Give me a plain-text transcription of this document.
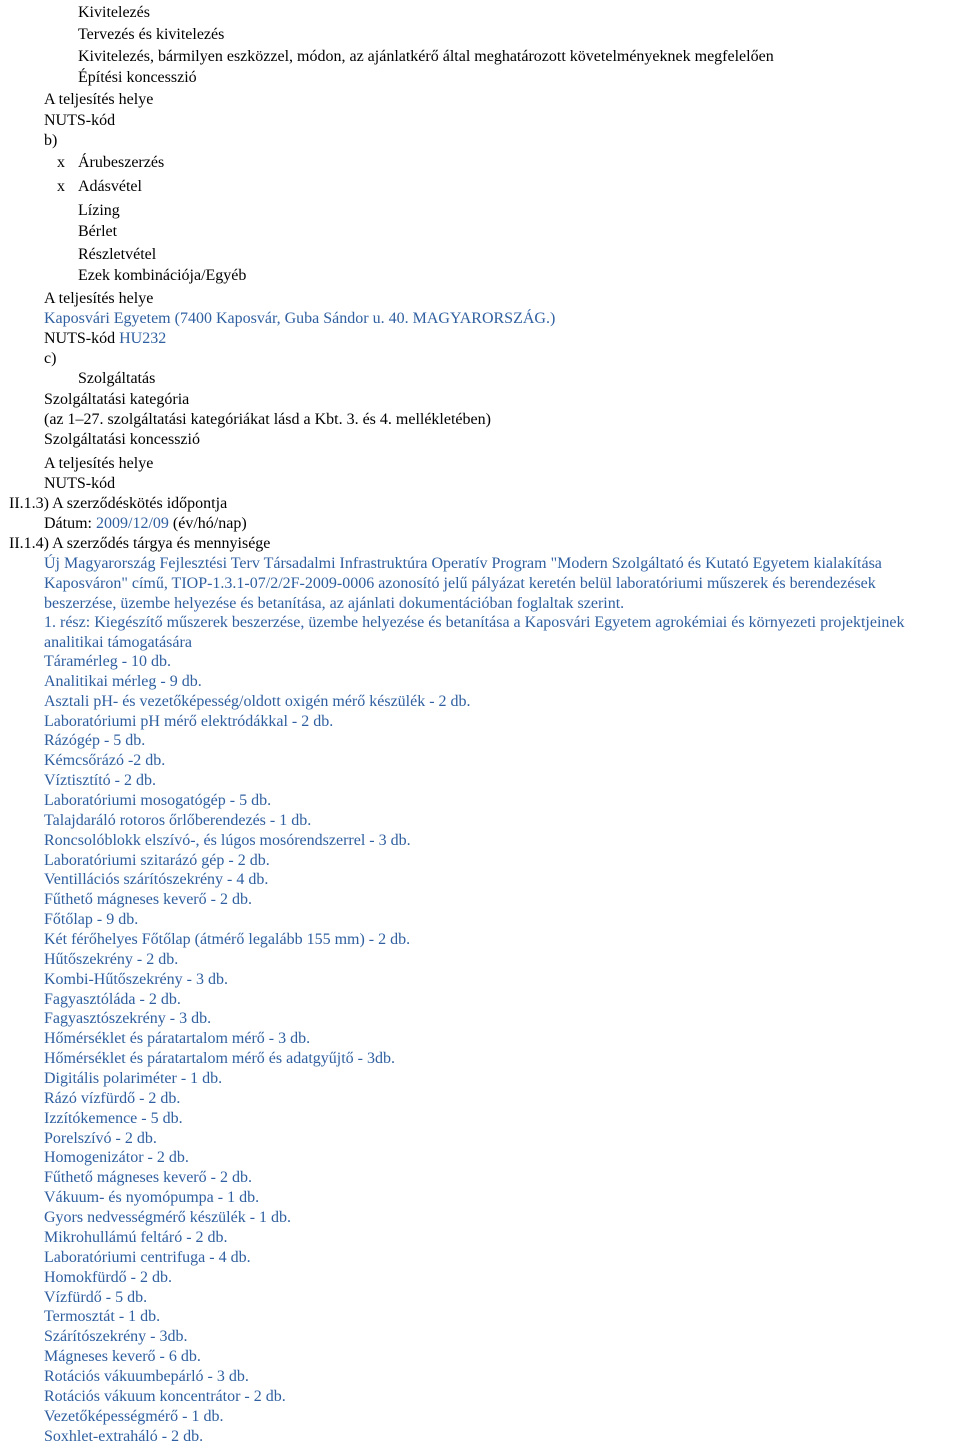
Kivitelezés
Tervezés és kivitelezés
Kivitelezés, bármilyen eszközzel, módon, az ajánlatkérő által meghatározott követelményeknek megfelelően
Építési koncesszió
A teljesítés helye
NUTS-kód
b)
x Árubeszerzés
x Adásvétel
Lízing
Bérlet
Részletvétel
Ezek kombinációja/Egyéb
A teljesítés helye
Kaposvári Egyetem (7400 Kaposvár, Guba Sándor u. 40. MAGYARORSZÁG.)
NUTS-kód HU232
c)
Szolgáltatás
Szolgáltatási kategória
(az 1–27. szolgáltatási kategóriákat lásd a Kbt. 3. és 4. mellékletében)
Szolgáltatási koncesszió
A teljesítés helye
NUTS-kód
II.1.3) A szerződéskötés időpontja
Dátum: 2009/12/09 (év/hó/nap)
II.1.4) A szerződés tárgya és mennyisége
Új Magyarország Fejlesztési Terv Társadalmi Infrastruktúra Operatív Program "Modern Szolgáltató és Kutató Egyetem kialakítása Kaposváron" című, TIOP-1.3.1-07/2/2F-2009-0006 azonosító jelű pályázat keretén belül laboratóriumi műszerek és berendezések beszerzése, üzembe helyezése és betanítása, az ajánlati dokumentációban foglaltak szerint.
1. rész: Kiegészítő műszerek beszerzése, üzembe helyezése és betanítása a Kaposvári Egyetem agrokémiai és környezeti projektjeinek analitikai támogatására
Táramérleg - 10 db.
Analitikai mérleg - 9 db.
Asztali pH- és vezetőképesség/oldott oxigén mérő készülék - 2 db.
Laboratóriumi pH mérő elektródákkal - 2 db.
Rázógép - 5 db.
Kémcsőrázó -2 db.
Víztisztító - 2 db.
Laboratóriumi mosogatógép - 5 db.
Talajdaráló rotoros őrlőberendezés - 1 db.
Roncsolóblokk elszívó-, és lúgos mosórendszerrel - 3 db.
Laboratóriumi szitarázó gép - 2 db.
Ventillációs szárítószekrény - 4 db.
Fűthető mágneses keverő - 2 db.
Főtőlap - 9 db.
Két férőhelyes Főtőlap (átmérő legalább 155 mm) - 2 db.
Hűtőszekrény - 2 db.
Kombi-Hűtőszekrény - 3 db.
Fagyasztóláda - 2 db.
Fagyasztószekrény - 3 db.
Hőmérséklet és páratartalom mérő - 3 db.
Hőmérséklet és páratartalom mérő és adatgyűjtő - 3db.
Digitális polariméter - 1 db.
Rázó vízfürdő - 2 db.
Izzítókemence - 5 db.
Porelszívó - 2 db.
Homogenizátor - 2 db.
Fűthető mágneses keverő - 2 db.
Vákuum- és nyomópumpa - 1 db.
Gyors nedvességmérő készülék - 1 db.
Mikrohullámú feltáró - 2 db.
Laboratóriumi centrifuga - 4 db.
Homokfürdő - 2 db.
Vízfürdő - 5 db.
Termosztát - 1 db.
Szárítószekrény - 3db.
Mágneses keverő - 6 db.
Rotációs vákuumbepárló - 3 db.
Rotációs vákuum koncentrátor - 2 db.
Vezetőképességmérő - 1 db.
Soxhlet-extraháló - 2 db.
